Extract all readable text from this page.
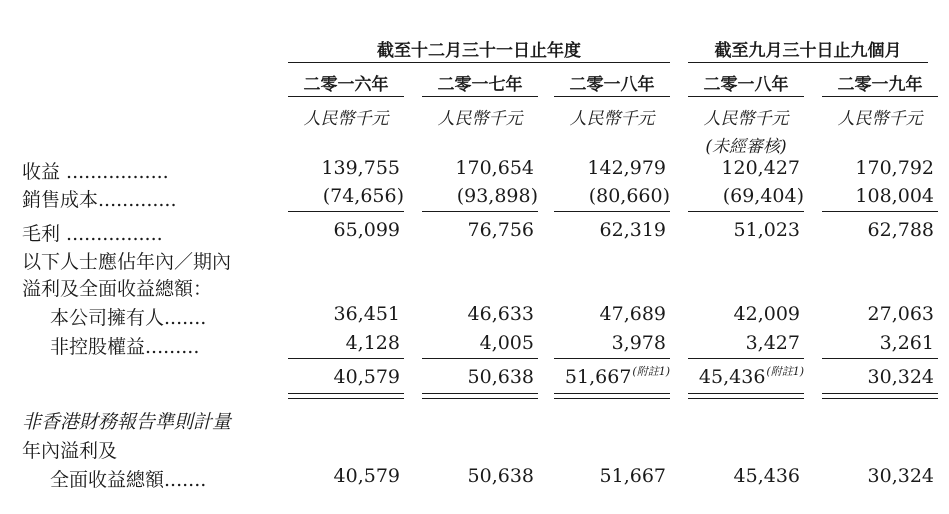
截至十二月三十一日止年度	截至九月三十日止九個月
二零一六年	二零一七年	二零一八年	二零一八年	二零一九年
人民幣千元	人民幣千元	人民幣千元	人民幣千元	人民幣千元
(未經審核)
收益 .................	139,755	170,654	142,979	120,427	170,792
銷售成本.............	(74,656)	(93,898)	(80,660)	(69,404)	108,004
毛利 ................	65,099	76,756	62,319	51,023	62,788
以下人士應佔年內／期內
溢利及全面收益總額：
本公司擁有人.......	36,451	46,633	47,689	42,009	27,063
非控股權益.........	4,128	4,005	3,978	3,427	3,261
40,579	50,638	51,667$^{(附註1)}$	45,436$^{(附註1)}$	30,324
非香港財務報告準則計量
年內溢利及
全面收益總額.......	40,579	50,638	51,667	45,436	30,324
